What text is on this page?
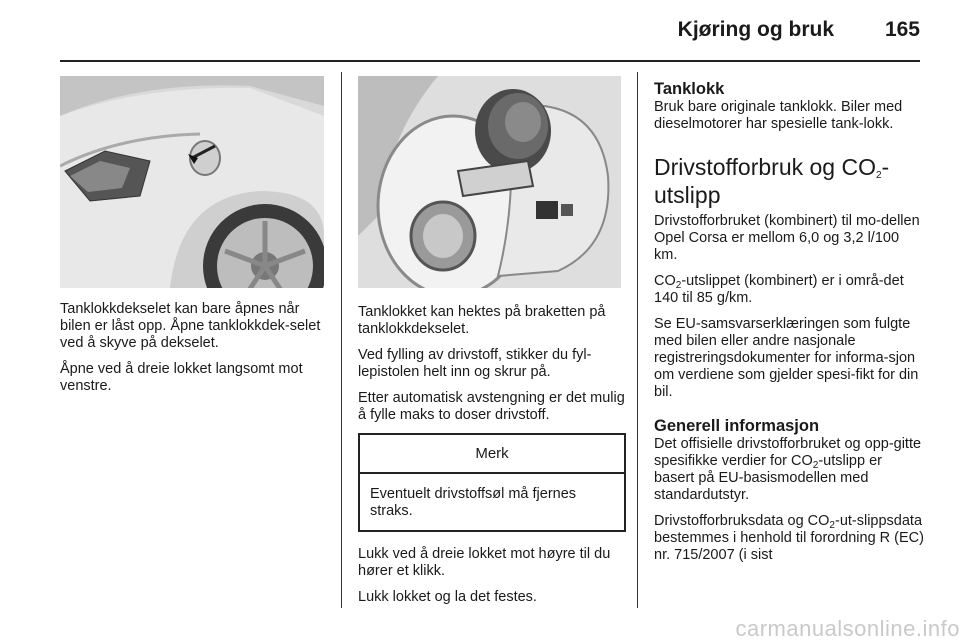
Kjøring og bruk 165

Tanklokkdekselet kan bare åpnes når bilen er låst opp. Åpne tanklokkdek-selet ved å skyve på dekselet.

Åpne ved å dreie lokket langsomt mot venstre.

Tanklokket kan hektes på braketten på tanklokkdekselet.

Ved fylling av drivstoff, stikker du fyl-lepistolen helt inn og skrur på.

Etter automatisk avstengning er det mulig å fylle maks to doser drivstoff.

Merk
Eventuelt drivstoffsøl må fjernes straks.

Lukk ved å dreie lokket mot høyre til du hører et klikk.

Lukk lokket og la det festes.

Tanklokk

Bruk bare originale tanklokk. Biler med dieselmotorer har spesielle tank-lokk.

Drivstofforbruk og $CO_2$-utslipp

Drivstofforbruket (kombinert) til mo-dellen Opel Corsa er mellom 6,0 og 3,2 l/100 km.

$CO_2$-utslippet (kombinert) er i områ-det 140 til 85 g/km.

Se EU-samsvarserklæringen som fulgte med bilen eller andre nasjonale registreringsdokumenter for informa-sjon om verdiene som gjelder spesi-fikt for din bil.

Generell informasjon

Det offisielle drivstofforbruket og opp-gitte spesifikke verdier for $CO_2$-utslipp er basert på EU-basismodellen med standardutstyr.

Drivstofforbruksdata og $CO_2-ut$-slippsdata bestemmes i henhold til forordning R (EC) nr. 715/2007 (i sist

carmanualsonline.info
